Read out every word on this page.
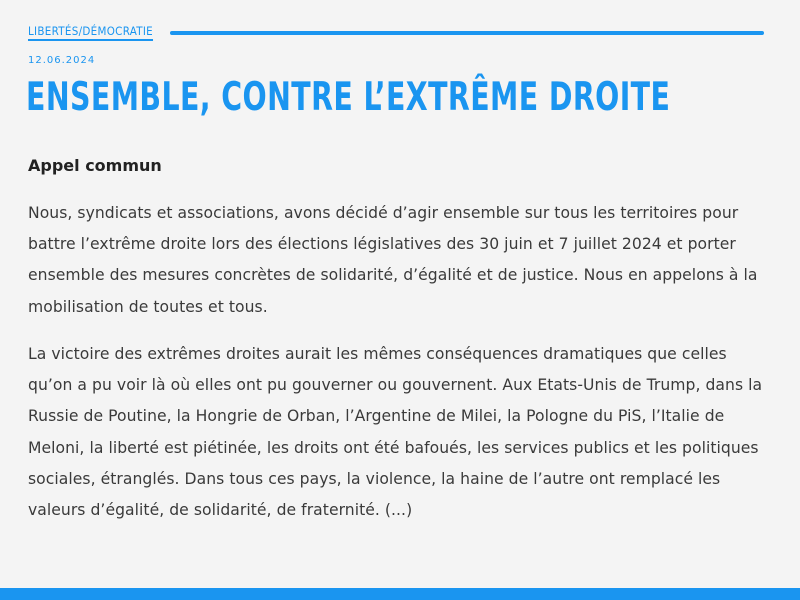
LIBERTÉS/DÉMOCRATIE
12.06.2024
ENSEMBLE, CONTRE L’EXTRÊME DROITE
Appel commun

Nous, syndicats et associations, avons décidé d’agir ensemble sur tous les territoires pour battre l’extrême droite lors des élections législatives des 30 juin et 7 juillet 2024 et porter ensemble des mesures concrètes de solidarité, d’égalité et de justice. Nous en appelons à la mobilisation de toutes et tous.

La victoire des extrêmes droites aurait les mêmes conséquences dramatiques que celles qu’on a pu voir là où elles ont pu gouverner ou gouvernent. Aux Etats-Unis de Trump, dans la Russie de Poutine, la Hongrie de Orban, l’Argentine de Milei, la Pologne du PiS, l’Italie de Meloni, la liberté est piétinée, les droits ont été bafoués, les services publics et les politiques sociales, étranglés. Dans tous ces pays, la violence, la haine de l’autre ont remplacé les valeurs d’égalité, de solidarité, de fraternité. (...)
